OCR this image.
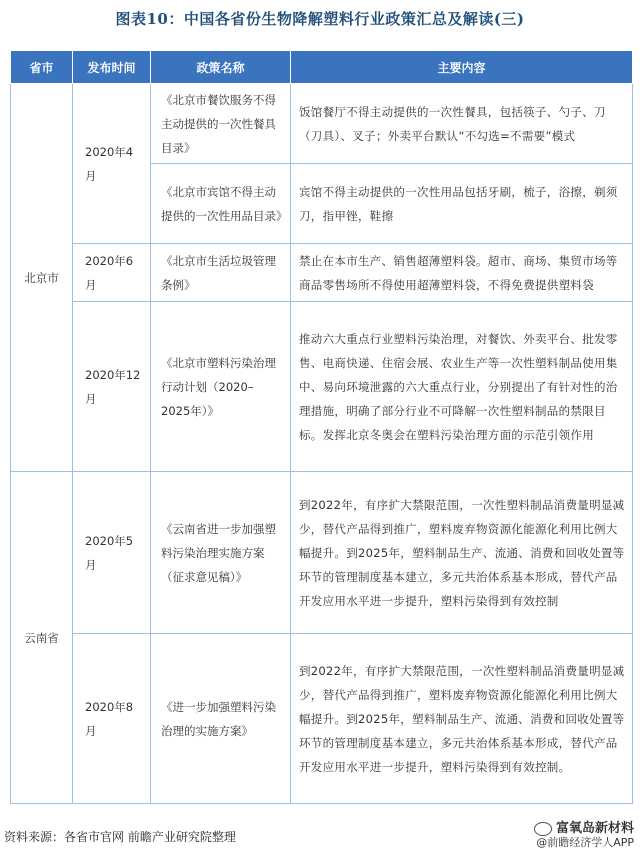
图表10：中国各省份生物降解塑料行业政策汇总及解读(三)
省市	发布时间	政策名称	主要内容
北京市	2020年4月	《北京市餐饮服务不得主动提供的一次性餐具目录》	饭馆餐厅不得主动提供的一次性餐具，包括筷子、勺子、刀（刀具）、叉子；外卖平台默认“不勾选=不需要”模式
		《北京市宾馆不得主动提供的一次性用品目录》	宾馆不得主动提供的一次性用品包括牙刷，梳子，浴擦，剃须刀，指甲锉，鞋擦
	2020年6月	《北京市生活垃圾管理条例》	禁止在本市生产、销售超薄塑料袋。超市、商场、集贸市场等商品零售场所不得使用超薄塑料袋，不得免费提供塑料袋
	2020年12月	《北京市塑料污染治理行动计划（2020–2025年）》	推动六大重点行业塑料污染治理，对餐饮、外卖平台、批发零售、电商快递、住宿会展、农业生产等一次性塑料制品使用集中、易向环境泄露的六大重点行业，分别提出了有针对性的治理措施，明确了部分行业不可降解一次性塑料制品的禁限目标。发挥北京冬奥会在塑料污染治理方面的示范引领作用
云南省	2020年5月	《云南省进一步加强塑料污染治理实施方案（征求意见稿）》	到2022年，有序扩大禁限范围，一次性塑料制品消费量明显减少，替代产品得到推广，塑料废弃物资源化能源化利用比例大幅提升。到2025年，塑料制品生产、流通、消费和回收处置等环节的管理制度基本建立，多元共治体系基本形成，替代产品开发应用水平进一步提升，塑料污染得到有效控制
	2020年8月	《进一步加强塑料污染治理的实施方案》	到2022年，有序扩大禁限范围，一次性塑料制品消费量明显减少，替代产品得到推广，塑料废弃物资源化能源化利用比例大幅提升。到2025年，塑料制品生产、流通、消费和回收处置等环节的管理制度基本建立，多元共治体系基本形成，替代产品开发应用水平进一步提升，塑料污染得到有效控制。
资料来源：各省市官网 前瞻产业研究院整理
富氧岛新材料
@前瞻经济学人APP
